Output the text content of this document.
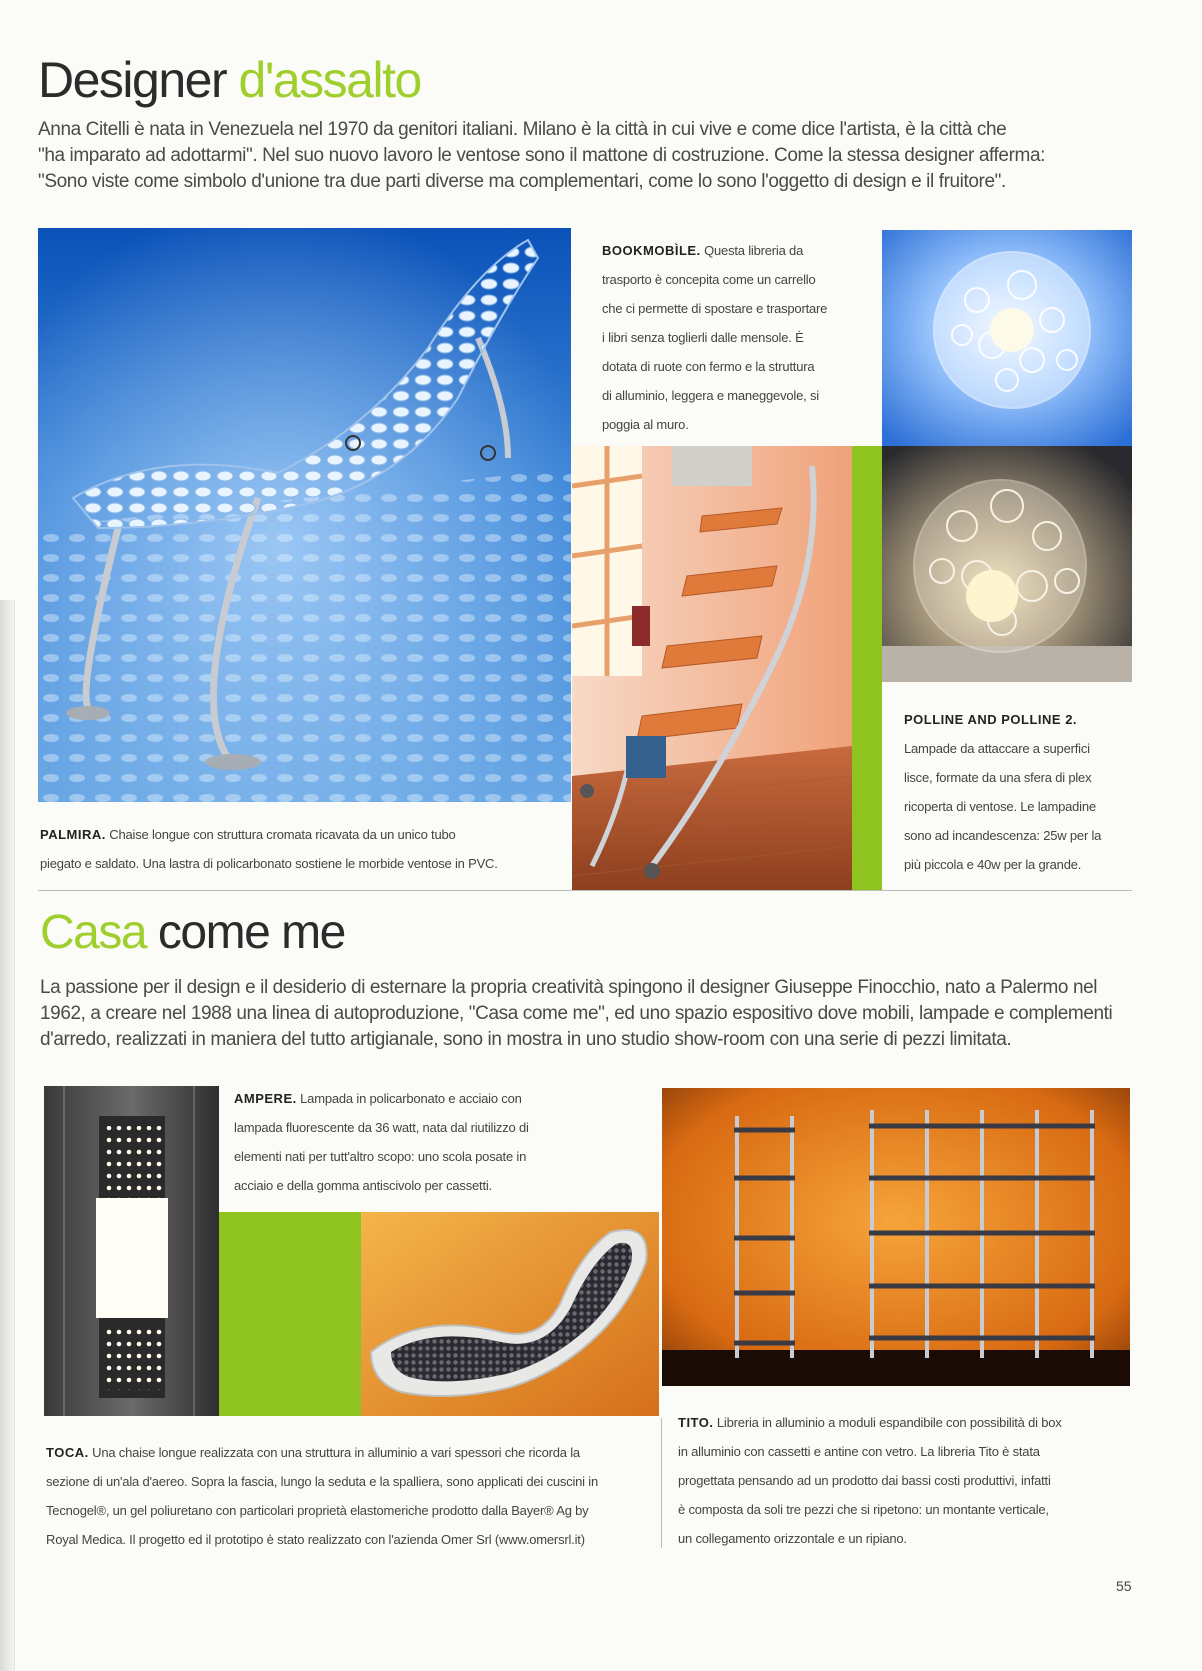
Designer d'assalto
Anna Citelli è nata in Venezuela nel 1970 da genitori italiani. Milano è la città in cui vive e come dice l'artista, è la città che
"ha imparato ad adottarmi". Nel suo nuovo lavoro le ventose sono il mattone di costruzione. Come la stessa designer afferma:
"Sono viste come simbolo d'unione tra due parti diverse ma complementari, come lo sono l'oggetto di design e il fruitore".
PALMIRA. Chaise longue con struttura cromata ricavata da un unico tubo
piegato e saldato. Una lastra di policarbonato sostiene le morbide ventose in PVC.
BOOKMOBÌLE. Questa libreria da
trasporto è concepita come un carrello
che ci permette di spostare e trasportare
i libri senza toglierli dalle mensole. È
dotata di ruote con fermo e la struttura
di alluminio, leggera e maneggevole, si
poggia al muro.
POLLINE AND POLLINE 2.
Lampade da attaccare a superfici
lisce, formate da una sfera di plex
ricoperta di ventose. Le lampadine
sono ad incandescenza: 25w per la
più piccola e 40w per la grande.
Casa come me
La passione per il design e il desiderio di esternare la propria creatività spingono il designer Giuseppe Finocchio, nato a Palermo nel
1962, a creare nel 1988 una linea di autoproduzione, "Casa come me", ed uno spazio espositivo dove mobili, lampade e complementi
d'arredo, realizzati in maniera del tutto artigianale, sono in mostra in uno studio show-room con una serie di pezzi limitata.
AMPERE. Lampada in policarbonato e acciaio con
lampada fluorescente da 36 watt, nata dal riutilizzo di
elementi nati per tutt'altro scopo: uno scola posate in
acciaio e della gomma antiscivolo per cassetti.
TOCA. Una chaise longue realizzata con una struttura in alluminio a vari spessori che ricorda la
sezione di un'ala d'aereo. Sopra la fascia, lungo la seduta e la spalliera, sono applicati dei cuscini in
Tecnogel®, un gel poliuretano con particolari proprietà elastomeriche prodotto dalla Bayer® Ag by
Royal Medica. Il progetto ed il prototipo è stato realizzato con l'azienda Omer Srl (www.omersrl.it)
TITO. Libreria in alluminio a moduli espandibile con possibilità di box
in alluminio con cassetti e antine con vetro. La libreria Tito è stata
progettata pensando ad un prodotto dai bassi costi produttivi, infatti
è composta da soli tre pezzi che si ripetono: un montante verticale,
un collegamento orizzontale e un ripiano.
55
